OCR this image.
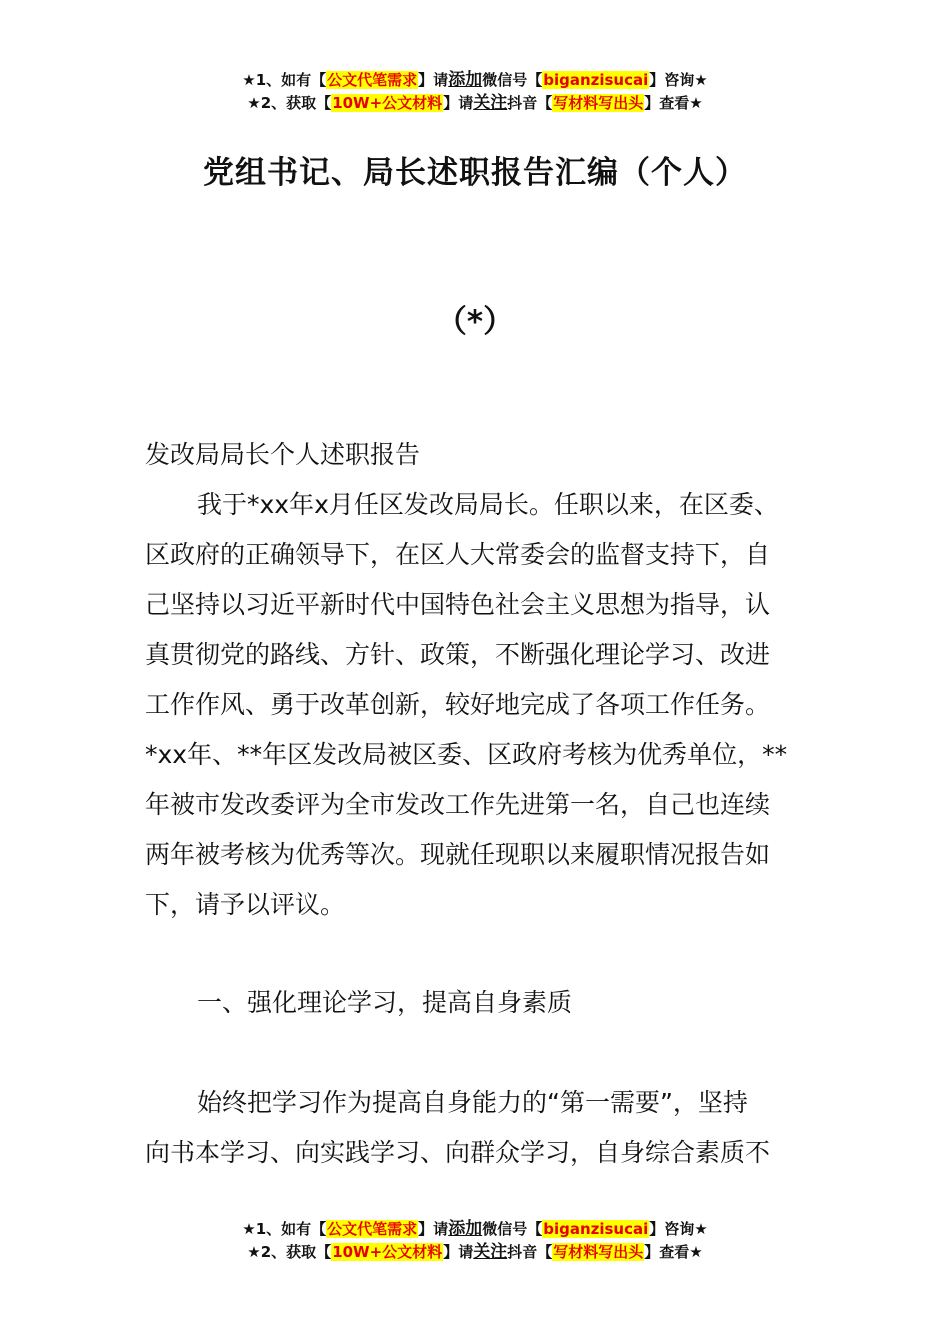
★1、如有【公文代笔需求】请添加微信号【biganzisucai】咨询★
★2、获取【10W+公文材料】请关注抖音【写材料写出头】查看★
党组书记、局长述职报告汇编（个人）
（*）
发改局局长个人述职报告

我于*xx年x月任区发改局局长。任职以来，在区委、

区政府的正确领导下，在区人大常委会的监督支持下，自

己坚持以习近平新时代中国特色社会主义思想为指导，认

真贯彻党的路线、方针、政策，不断强化理论学习、改进

工作作风、勇于改革创新，较好地完成了各项工作任务。

*xx年、**年区发改局被区委、区政府考核为优秀单位，**

年被市发改委评为全市发改工作先进第一名，自己也连续

两年被考核为优秀等次。现就任现职以来履职情况报告如

下，请予以评议。

一、强化理论学习，提高自身素质

始终把学习作为提高自身能力的“第一需要”，坚持

向书本学习、向实践学习、向群众学习，自身综合素质不

★1、如有【公文代笔需求】请添加微信号【biganzisucai】咨询★
★2、获取【10W+公文材料】请关注抖音【写材料写出头】查看★
